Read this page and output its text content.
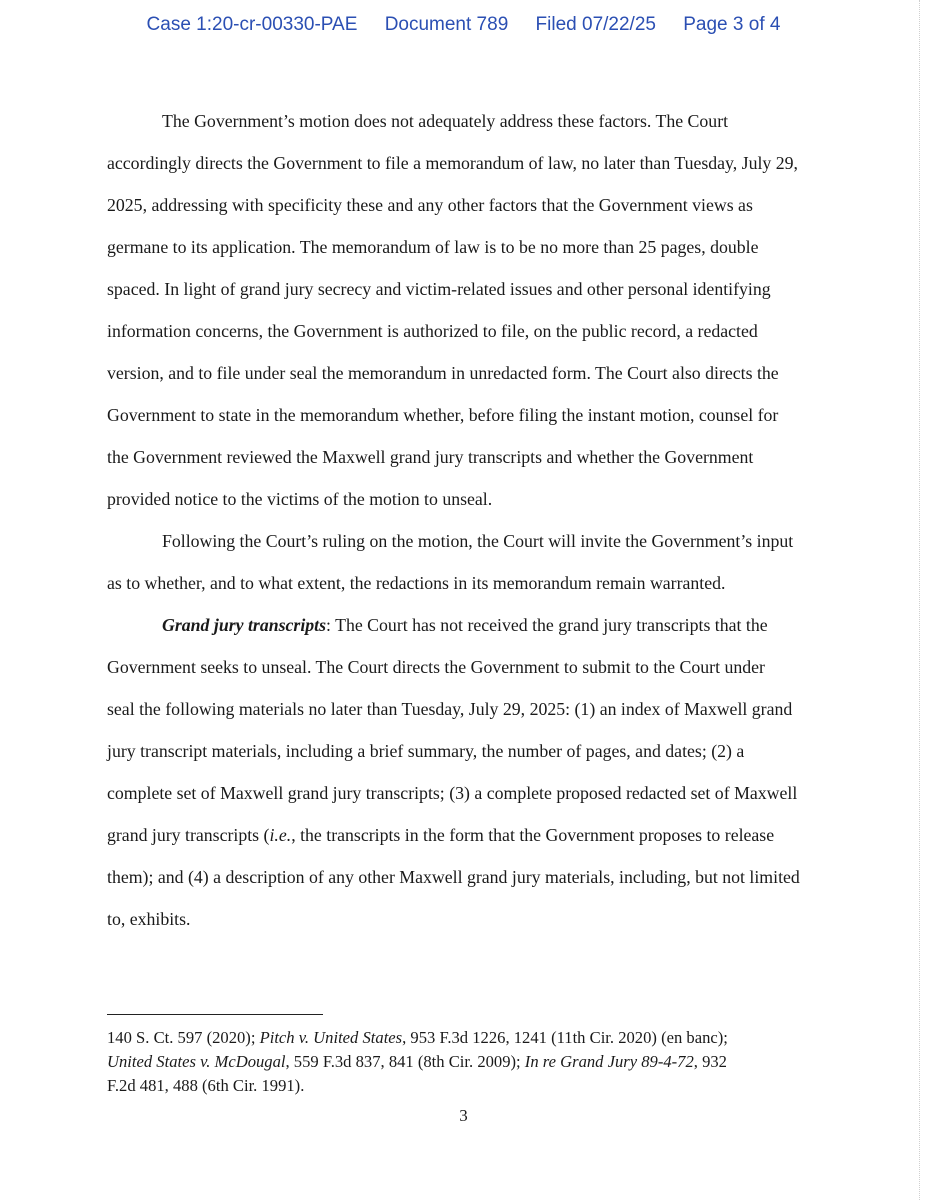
Case 1:20-cr-00330-PAE Document 789 Filed 07/22/25 Page 3 of 4
The Government’s motion does not adequately address these factors. The Court
accordingly directs the Government to file a memorandum of law, no later than Tuesday, July 29,
2025, addressing with specificity these and any other factors that the Government views as
germane to its application. The memorandum of law is to be no more than 25 pages, double
spaced. In light of grand jury secrecy and victim-related issues and other personal identifying
information concerns, the Government is authorized to file, on the public record, a redacted
version, and to file under seal the memorandum in unredacted form. The Court also directs the
Government to state in the memorandum whether, before filing the instant motion, counsel for
the Government reviewed the Maxwell grand jury transcripts and whether the Government
provided notice to the victims of the motion to unseal.
Following the Court’s ruling on the motion, the Court will invite the Government’s input
as to whether, and to what extent, the redactions in its memorandum remain warranted.
Grand jury transcripts: The Court has not received the grand jury transcripts that the
Government seeks to unseal. The Court directs the Government to submit to the Court under
seal the following materials no later than Tuesday, July 29, 2025: (1) an index of Maxwell grand
jury transcript materials, including a brief summary, the number of pages, and dates; (2) a
complete set of Maxwell grand jury transcripts; (3) a complete proposed redacted set of Maxwell
grand jury transcripts (i.e., the transcripts in the form that the Government proposes to release
them); and (4) a description of any other Maxwell grand jury materials, including, but not limited
to, exhibits.
140 S. Ct. 597 (2020); Pitch v. United States, 953 F.3d 1226, 1241 (11th Cir. 2020) (en banc);
United States v. McDougal, 559 F.3d 837, 841 (8th Cir. 2009); In re Grand Jury 89-4-72, 932
F.2d 481, 488 (6th Cir. 1991).
3
